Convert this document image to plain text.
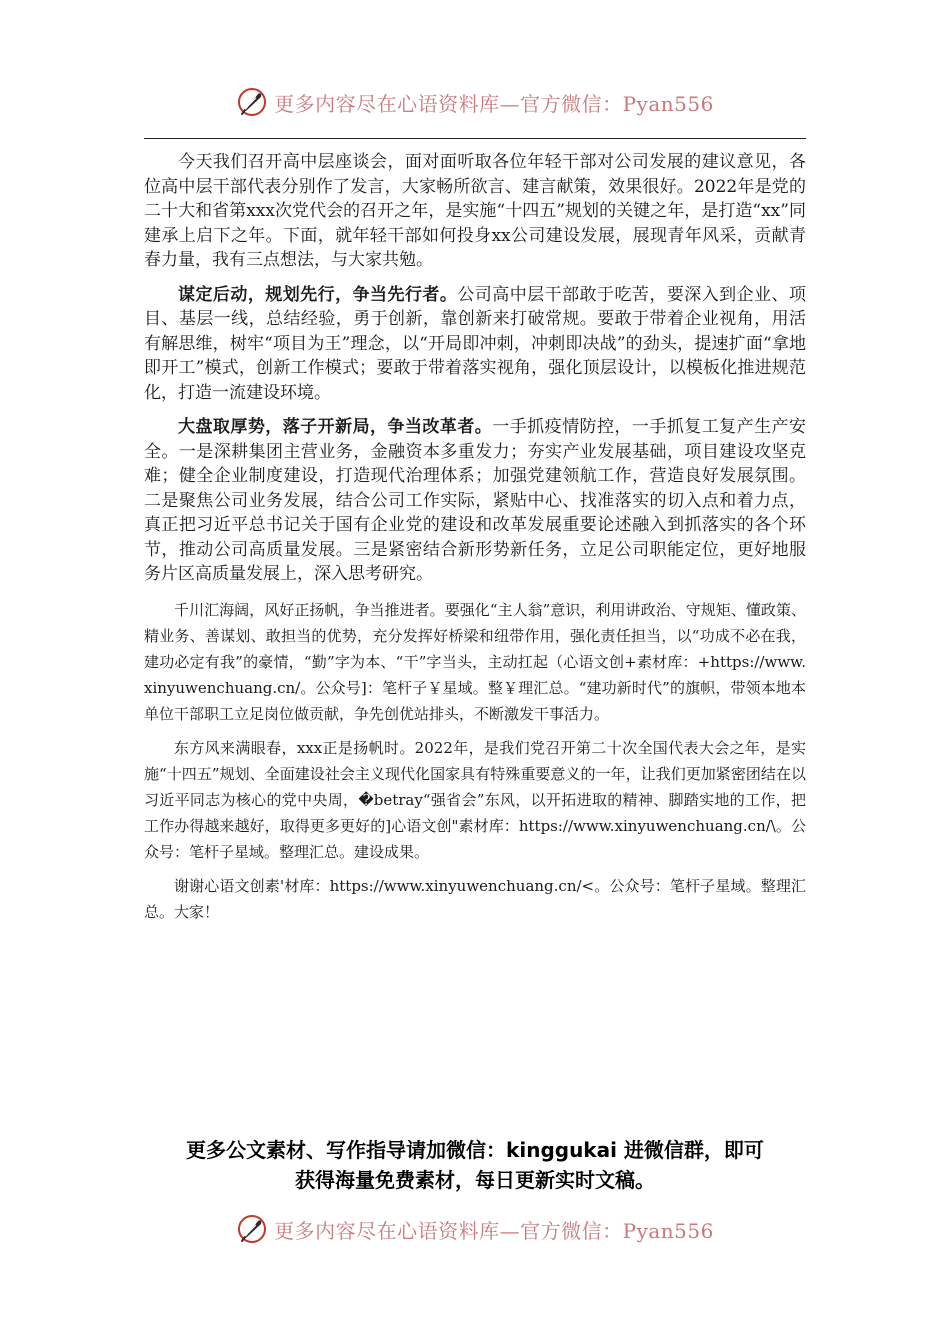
更多内容尽在心语资料库—官方微信：Pyan556

今天我们召开高中层座谈会，面对面听取各位年轻干部对公司发展的建议意见，各位高中层干部代表分别作了发言，大家畅所欲言、建言献策，效果很好。2022年是党的二十大和省第xxx次党代会的召开之年，是实施“十四五”规划的关键之年，是打造“xx”同建承上启下之年。下面，就年轻干部如何投身xx公司建设发展，展现青年风采，贡献青春力量，我有三点想法，与大家共勉。

谋定后动，规划先行，争当先行者。公司高中层干部敢于吃苦，要深入到企业、项目、基层一线，总结经验，勇于创新，靠创新来打破常规。要敢于带着企业视角，用活有解思维，树牢“项目为王”理念，以“开局即冲刺，冲刺即决战”的劲头，提速扩面“拿地即开工”模式，创新工作模式；要敢于带着落实视角，强化顶层设计，以模板化推进规范化，打造一流建设环境。

大盘取厚势，落子开新局，争当改革者。一手抓疫情防控，一手抓复工复产生产安全。一是深耕集团主营业务，金融资本多重发力；夯实产业发展基础，项目建设攻坚克难；健全企业制度建设，打造现代治理体系；加强党建领航工作，营造良好发展氛围。二是聚焦公司业务发展，结合公司工作实际，紧贴中心、找准落实的切入点和着力点，真正把习近平总书记关于国有企业党的建设和改革发展重要论述融入到抓落实的各个环节，推动公司高质量发展。三是紧密结合新形势新任务，立足公司职能定位，更好地服务片区高质量发展上，深入思考研究。

千川汇海阔，风好正扬帆，争当推进者。要强化“主人翁”意识，利用讲政治、守规矩、懂政策、精业务、善谋划、敢担当的优势，充分发挥好桥梁和纽带作用，强化责任担当，以“功成不必在我，建功必定有我”的豪情，“勤”字为本、“干”字当头，主动扛起（心语文创+素材库：+https://www.xinyuwenchuang.cn/。公众号]：笔杆子￥星域。整￥理汇总。“建功新时代”的旗帜，带领本地本单位干部职工立足岗位做贡献，争先创优站排头，不断激发干事活力。

东方风来满眼春，xxx正是扬帆时。2022年，是我们党召开第二十次全国代表大会之年，是实施“十四五”规划、全面建设社会主义现代化国家具有特殊重要意义的一年，让我们更加紧密团结在以习近平同志为核心的党中央周，�betray“强省会”东风，以开拓进取的精神、脚踏实地的工作，把工作办得越来越好，取得更多更好的]心语文创"素材库：https://www.xinyuwenchuang.cn/\。公众号：笔杆子星域。整理汇总。建设成果。

谢谢心语文创素'材库：https://www.xinyuwenchuang.cn/<。公众号：笔杆子星域。整理汇总。大家！

更多公文素材、写作指导请加微信：kinggukai 进微信群，即可
获得海量免费素材，每日更新实时文稿。
更多内容尽在心语资料库—官方微信：Pyan556
